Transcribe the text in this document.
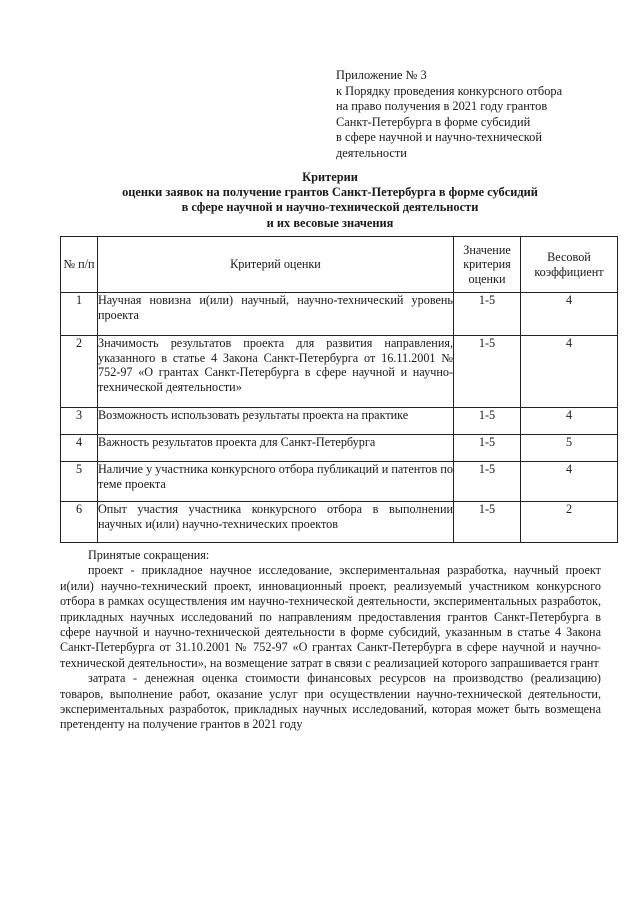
Приложение № 3
к Порядку проведения конкурсного отбора
на право получения в 2021 году грантов
Санкт-Петербурга в форме субсидий
в сфере научной и научно-технической
деятельности
Критерии
оценки заявок на получение грантов Санкт-Петербурга в форме субсидий
в сфере научной и научно-технической деятельности
и их весовые значения
№ п/п	Критерий оценки	Значение критерия оценки	Весовой коэффициент
1	Научная новизна и(или) научный, научно-технический уровень проекта	1-5	4
2	Значимость результатов проекта для развития направления, указанного в статье 4 Закона Санкт-Петербурга от 16.11.2001 № 752-97 «О грантах Санкт-Петербурга в сфере научной и научно-технической деятельности»	1-5	4
3	Возможность использовать результаты проекта на практике	1-5	4
4	Важность результатов проекта для Санкт-Петербурга	1-5	5
5	Наличие у участника конкурсного отбора публикаций и патентов по теме проекта	1-5	4
6	Опыт участия участника конкурсного отбора в выполнении научных и(или) научно-технических проектов	1-5	2

Принятые сокращения:

проект - прикладное научное исследование, экспериментальная разработка, научный проект и(или) научно-технический проект, инновационный проект, реализуемый участником конкурсного отбора в рамках осуществления им научно-технической деятельности, экспериментальных разработок, прикладных научных исследований по направлениям предоставления грантов Санкт-Петербурга в сфере научной и научно-технической деятельности в форме субсидий, указанным в статье 4 Закона Санкт-Петербурга от 31.10.2001 № 752-97 «О грантах Санкт-Петербурга в сфере научной и научно-технической деятельности», на возмещение затрат в связи с реализацией которого запрашивается грант

затрата - денежная оценка стоимости финансовых ресурсов на производство (реализацию) товаров, выполнение работ, оказание услуг при осуществлении научно-технической деятельности, экспериментальных разработок, прикладных научных исследований, которая может быть возмещена претенденту на получение грантов в 2021 году
